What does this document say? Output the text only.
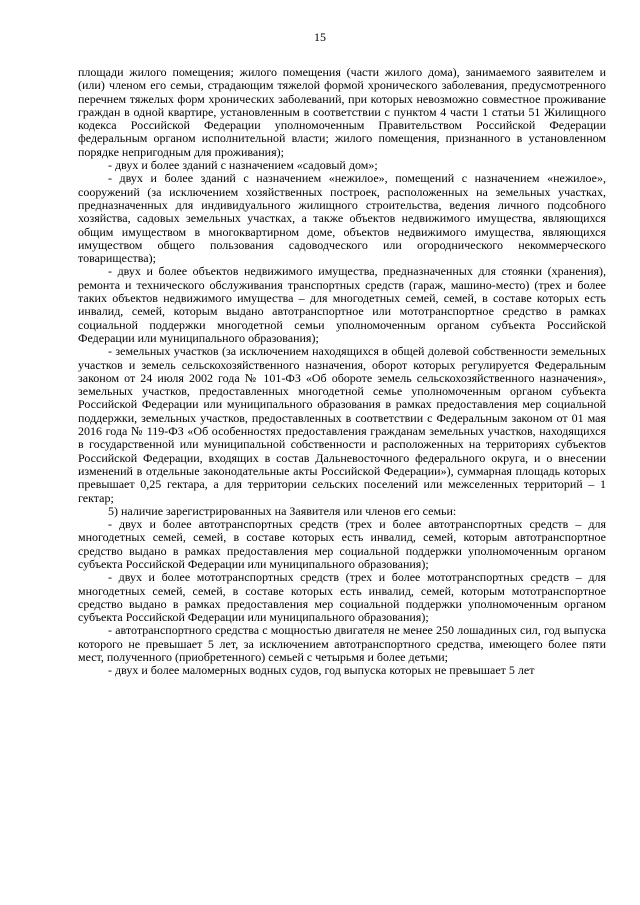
15

площади жилого помещения; жилого помещения (части жилого дома), занимаемого заявителем и (или) членом его семьи, страдающим тяжелой формой хронического заболевания, предусмотренного перечнем тяжелых форм хронических заболеваний, при которых невозможно совместное проживание граждан в одной квартире, установленным в соответствии с пунктом 4 части 1 статьи 51 Жилищного кодекса Российской Федерации уполномоченным Правительством Российской Федерации федеральным органом исполнительной власти; жилого помещения, признанного в установленном порядке непригодным для проживания);

- двух и более зданий с назначением «садовый дом»;

- двух и более зданий с назначением «нежилое», помещений с назначением «нежилое», сооружений (за исключением хозяйственных построек, расположенных на земельных участках, предназначенных для индивидуального жилищного строительства, ведения личного подсобного хозяйства, садовых земельных участках, а также объектов недвижимого имущества, являющихся общим имуществом в многоквартирном доме, объектов недвижимого имущества, являющихся имуществом общего пользования садоводческого или огороднического некоммерческого товарищества);

- двух и более объектов недвижимого имущества, предназначенных для стоянки (хранения), ремонта и технического обслуживания транспортных средств (гараж, машино-место) (трех и более таких объектов недвижимого имущества – для многодетных семей, семей, в составе которых есть инвалид, семей, которым выдано автотранспортное или мототранспортное средство в рамках социальной поддержки многодетной семьи уполномоченным органом субъекта Российской Федерации или муниципального образования);

- земельных участков (за исключением находящихся в общей долевой собственности земельных участков и земель сельскохозяйственного назначения, оборот которых регулируется Федеральным законом от 24 июля 2002 года № 101-ФЗ «Об обороте земель сельскохозяйственного назначения», земельных участков, предоставленных многодетной семье уполномоченным органом субъекта Российской Федерации или муниципального образования в рамках предоставления мер социальной поддержки, земельных участков, предоставленных в соответствии с Федеральным законом от 01 мая 2016 года № 119-ФЗ «Об особенностях предоставления гражданам земельных участков, находящихся в государственной или муниципальной собственности и расположенных на территориях субъектов Российской Федерации, входящих в состав Дальневосточного федерального округа, и о внесении изменений в отдельные законодательные акты Российской Федерации»), суммарная площадь которых превышает 0,25 гектара, а для территории сельских поселений или межселенных территорий – 1 гектар;

5) наличие зарегистрированных на Заявителя или членов его семьи:

- двух и более автотранспортных средств (трех и более автотранспортных средств – для многодетных семей, семей, в составе которых есть инвалид, семей, которым автотранспортное средство выдано в рамках предоставления мер социальной поддержки уполномоченным органом субъекта Российской Федерации или муниципального образования);

- двух и более мототранспортных средств (трех и более мототранспортных средств – для многодетных семей, семей, в составе которых есть инвалид, семей, которым мототранспортное средство выдано в рамках предоставления мер социальной поддержки уполномоченным органом субъекта Российской Федерации или муниципального образования);

- автотранспортного средства с мощностью двигателя не менее 250 лошадиных сил, год выпуска которого не превышает 5 лет, за исключением автотранспортного средства, имеющего более пяти мест, полученного (приобретенного) семьей с четырьмя и более детьми;

- двух и более маломерных водных судов, год выпуска которых не превышает 5 лет
